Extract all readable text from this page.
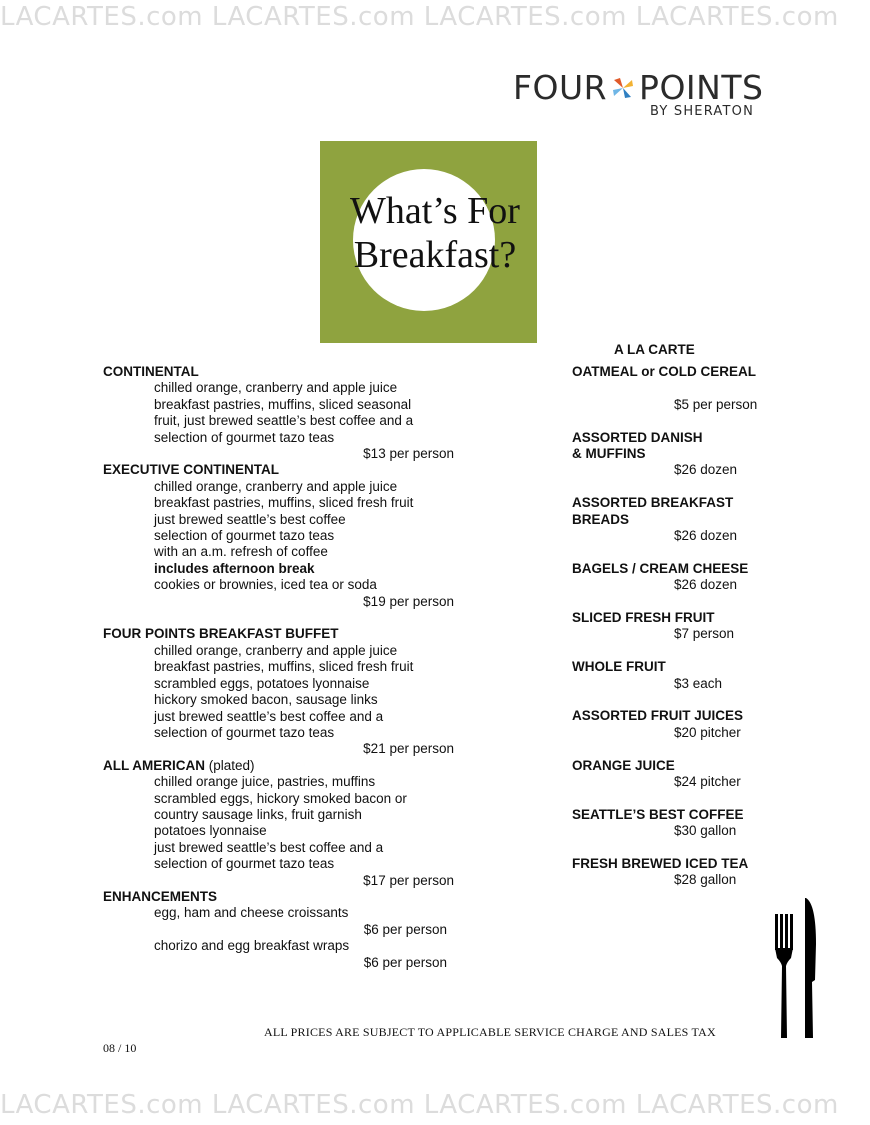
LACARTES.com LACARTES.com LACARTES.com LACARTES.com
LACARTES.com LACARTES.com LACARTES.com LACARTES.com
FOUR POINTS
BY SHERATON
What’s For
Breakfast?
CONTINENTAL
chilled orange, cranberry and apple juice
breakfast pastries, muffins, sliced seasonal
fruit, just brewed seattle’s best coffee and a
selection of gourmet tazo teas
$13 per person
EXECUTIVE CONTINENTAL
chilled orange, cranberry and apple juice
breakfast pastries, muffins, sliced fresh fruit
just brewed seattle’s best coffee
selection of gourmet tazo teas
with an a.m. refresh of coffee
includes afternoon break
cookies or brownies, iced tea or soda
$19 per person
FOUR POINTS BREAKFAST BUFFET
chilled orange, cranberry and apple juice
breakfast pastries, muffins, sliced fresh fruit
scrambled eggs, potatoes lyonnaise
hickory smoked bacon, sausage links
just brewed seattle’s best coffee and a
selection of gourmet tazo teas
$21 per person
ALL AMERICAN (plated)
chilled orange juice, pastries, muffins
scrambled eggs, hickory smoked bacon or
country sausage links, fruit garnish
potatoes lyonnaise
just brewed seattle’s best coffee and a
selection of gourmet tazo teas
$17 per person
ENHANCEMENTS
egg, ham and cheese croissants
$6 per person
chorizo and egg breakfast wraps
$6 per person
A LA CARTE
OATMEAL or COLD CEREAL
$5 per person
ASSORTED DANISH
& MUFFINS
$26 dozen
ASSORTED BREAKFAST
BREADS
$26 dozen
BAGELS / CREAM CHEESE
$26 dozen
SLICED FRESH FRUIT
$7 person
WHOLE FRUIT
$3 each
ASSORTED FRUIT JUICES
$20 pitcher
ORANGE JUICE
$24 pitcher
SEATTLE’S BEST COFFEE
$30 gallon
FRESH BREWED ICED TEA
$28 gallon
ALL PRICES ARE SUBJECT TO APPLICABLE SERVICE CHARGE AND SALES TAX
08 / 10
